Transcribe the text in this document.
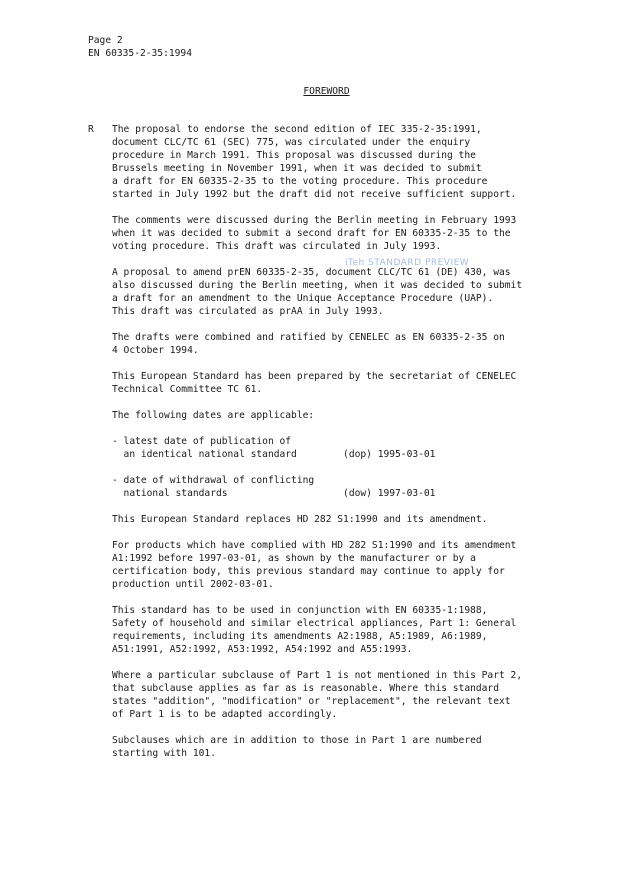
Page 2
EN 60335-2-35:1994
FOREWORD
R
iTeh STANDARD PREVIEW
The proposal to endorse the second edition of IEC 335-2-35:1991,
document CLC/TC 61 (SEC) 775, was circulated under the enquiry
procedure in March 1991. This proposal was discussed during the
Brussels meeting in November 1991, when it was decided to submit
a draft for EN 60335-2-35 to the voting procedure. This procedure
started in July 1992 but the draft did not receive sufficient support.
The comments were discussed during the Berlin meeting in February 1993
when it was decided to submit a second draft for EN 60335-2-35 to the
voting procedure. This draft was circulated in July 1993.
A proposal to amend prEN 60335-2-35, document CLC/TC 61 (DE) 430, was
also discussed during the Berlin meeting, when it was decided to submit
a draft for an amendment to the Unique Acceptance Procedure (UAP).
This draft was circulated as prAA in July 1993.
The drafts were combined and ratified by CENELEC as EN 60335-2-35 on
4 October 1994.
This European Standard has been prepared by the secretariat of CENELEC
Technical Committee TC 61.
The following dates are applicable:
- latest date of publication of
an identical national standard        (dop) 1995-03-01
- date of withdrawal of conflicting
national standards                    (dow) 1997-03-01
This European Standard replaces HD 282 S1:1990 and its amendment.
For products which have complied with HD 282 S1:1990 and its amendment
A1:1992 before 1997-03-01, as shown by the manufacturer or by a
certification body, this previous standard may continue to apply for
production until 2002-03-01.
This standard has to be used in conjunction with EN 60335-1:1988,
Safety of household and similar electrical appliances, Part 1: General
requirements, including its amendments A2:1988, A5:1989, A6:1989,
A51:1991, A52:1992, A53:1992, A54:1992 and A55:1993.
Where a particular subclause of Part 1 is not mentioned in this Part 2,
that subclause applies as far as is reasonable. Where this standard
states "addition", "modification" or "replacement", the relevant text
of Part 1 is to be adapted accordingly.
Subclauses which are in addition to those in Part 1 are numbered
starting with 101.
